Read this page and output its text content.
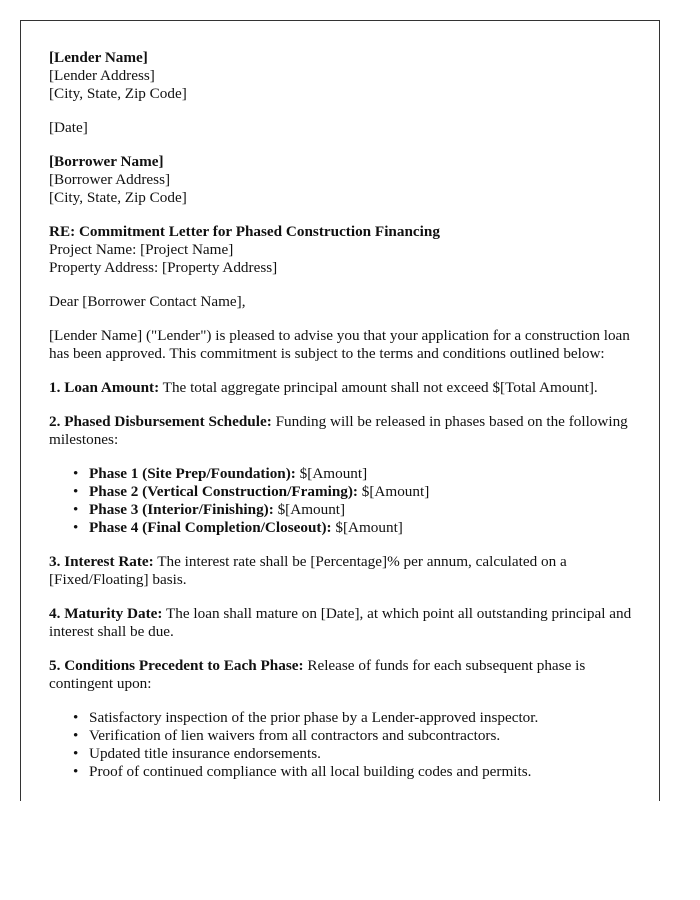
[Lender Name]
[Lender Address]
[City, State, Zip Code]

[Date]

[Borrower Name]
[Borrower Address]
[City, State, Zip Code]
RE: Commitment Letter for Phased Construction Financing
Project Name: [Project Name]
Property Address: [Property Address]

Dear [Borrower Contact Name],

[Lender Name] ("Lender") is pleased to advise you that your application for a construction loan has been approved. This commitment is subject to the terms and conditions outlined below:

1. Loan Amount: The total aggregate principal amount shall not exceed $[Total Amount].

2. Phased Disbursement Schedule: Funding will be released in phases based on the following milestones:

• Phase 1 (Site Prep/Foundation): $[Amount]
• Phase 2 (Vertical Construction/Framing): $[Amount]
• Phase 3 (Interior/Finishing): $[Amount]
• Phase 4 (Final Completion/Closeout): $[Amount]

3. Interest Rate: The interest rate shall be [Percentage]% per annum, calculated on a [Fixed/Floating] basis.

4. Maturity Date: The loan shall mature on [Date], at which point all outstanding principal and interest shall be due.

5. Conditions Precedent to Each Phase: Release of funds for each subsequent phase is contingent upon:

• Satisfactory inspection of the prior phase by a Lender-approved inspector.
• Verification of lien waivers from all contractors and subcontractors.
• Updated title insurance endorsements.
• Proof of continued compliance with all local building codes and permits.
